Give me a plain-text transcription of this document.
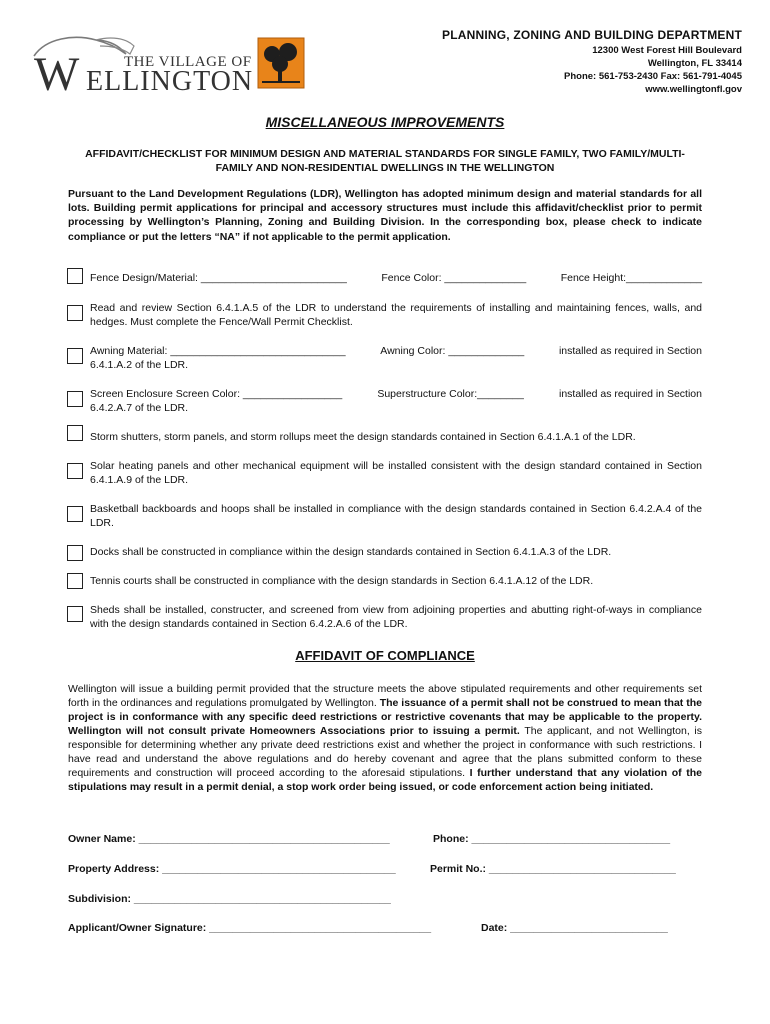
W	THE VILLAGE OF
ELLINGTON
PLANNING, ZONING AND BUILDING DEPARTMENT
12300 West Forest Hill Boulevard
Wellington, FL 33414
Phone: 561-753-2430 Fax: 561-791-4045
www.wellingtonfl.gov
MISCELLANEOUS IMPROVEMENTS
AFFIDAVIT/CHECKLIST FOR MINIMUM DESIGN AND MATERIAL STANDARDS FOR SINGLE FAMILY, TWO FAMILY/MULTI-FAMILY AND NON-RESIDENTIAL DWELLINGS IN THE WELLINGTON
Pursuant to the Land Development Regulations (LDR), Wellington has adopted minimum design and material standards for all lots. Building permit applications for principal and accessory structures must include this affidavit/checklist prior to permit processing by Wellington’s Planning, Zoning and Building Division. In the corresponding box, please check to indicate compliance or put the letters “NA” if not applicable to the permit application.
Fence Design/Material: _________________________	Fence Color: ______________	Fence Height:_____________
Read and review Section 6.4.1.A.5 of the LDR to understand the requirements of installing and maintaining fences, walls, and hedges. Must complete the Fence/Wall Permit Checklist.
Awning Material: ______________________________	Awning Color: _____________	installed as required in Section
6.4.1.A.2 of the LDR.
Screen Enclosure Screen Color: _________________	Superstructure Color:________	installed as required in Section
6.4.2.A.7 of the LDR.
Storm shutters, storm panels, and storm rollups meet the design standards contained in Section 6.4.1.A.1 of the LDR.
Solar heating panels and other mechanical equipment will be installed consistent with the design standard contained in Section 6.4.1.A.9 of the LDR.
Basketball backboards and hoops shall be installed in compliance with the design standards contained in Section 6.4.2.A.4 of the LDR.
Docks shall be constructed in compliance within the design standards contained in Section 6.4.1.A.3 of the LDR.
Tennis courts shall be constructed in compliance with the design standards in Section 6.4.1.A.12 of the LDR.
Sheds shall be installed, constructer, and screened from view from adjoining properties and abutting right-of-ways in compliance with the design standards contained in Section 6.4.2.A.6 of the LDR.
AFFIDAVIT OF COMPLIANCE
Wellington will issue a building permit provided that the structure meets the above stipulated requirements and other requirements set forth in the ordinances and regulations promulgated by Wellington. The issuance of a permit shall not be construed to mean that the project is in conformance with any specific deed restrictions or restrictive covenants that may be applicable to the property. Wellington will not consult private Homeowners Associations prior to issuing a permit. The applicant, and not Wellington, is responsible for determining whether any private deed restrictions exist and whether the project in conformance with such restrictions. I have read and understand the above regulations and do hereby covenant and agree that the plans submitted conform to these requirements and construction will proceed according to the aforesaid stipulations. I further understand that any violation of the stipulations may result in a permit denial, a stop work order being issued, or code enforcement action being initiated.
Owner Name: ___________________________________________	Phone: __________________________________
Property Address: ________________________________________	Permit No.: ________________________________
Subdivision: ____________________________________________
Applicant/Owner Signature: ______________________________________	Date: ___________________________
